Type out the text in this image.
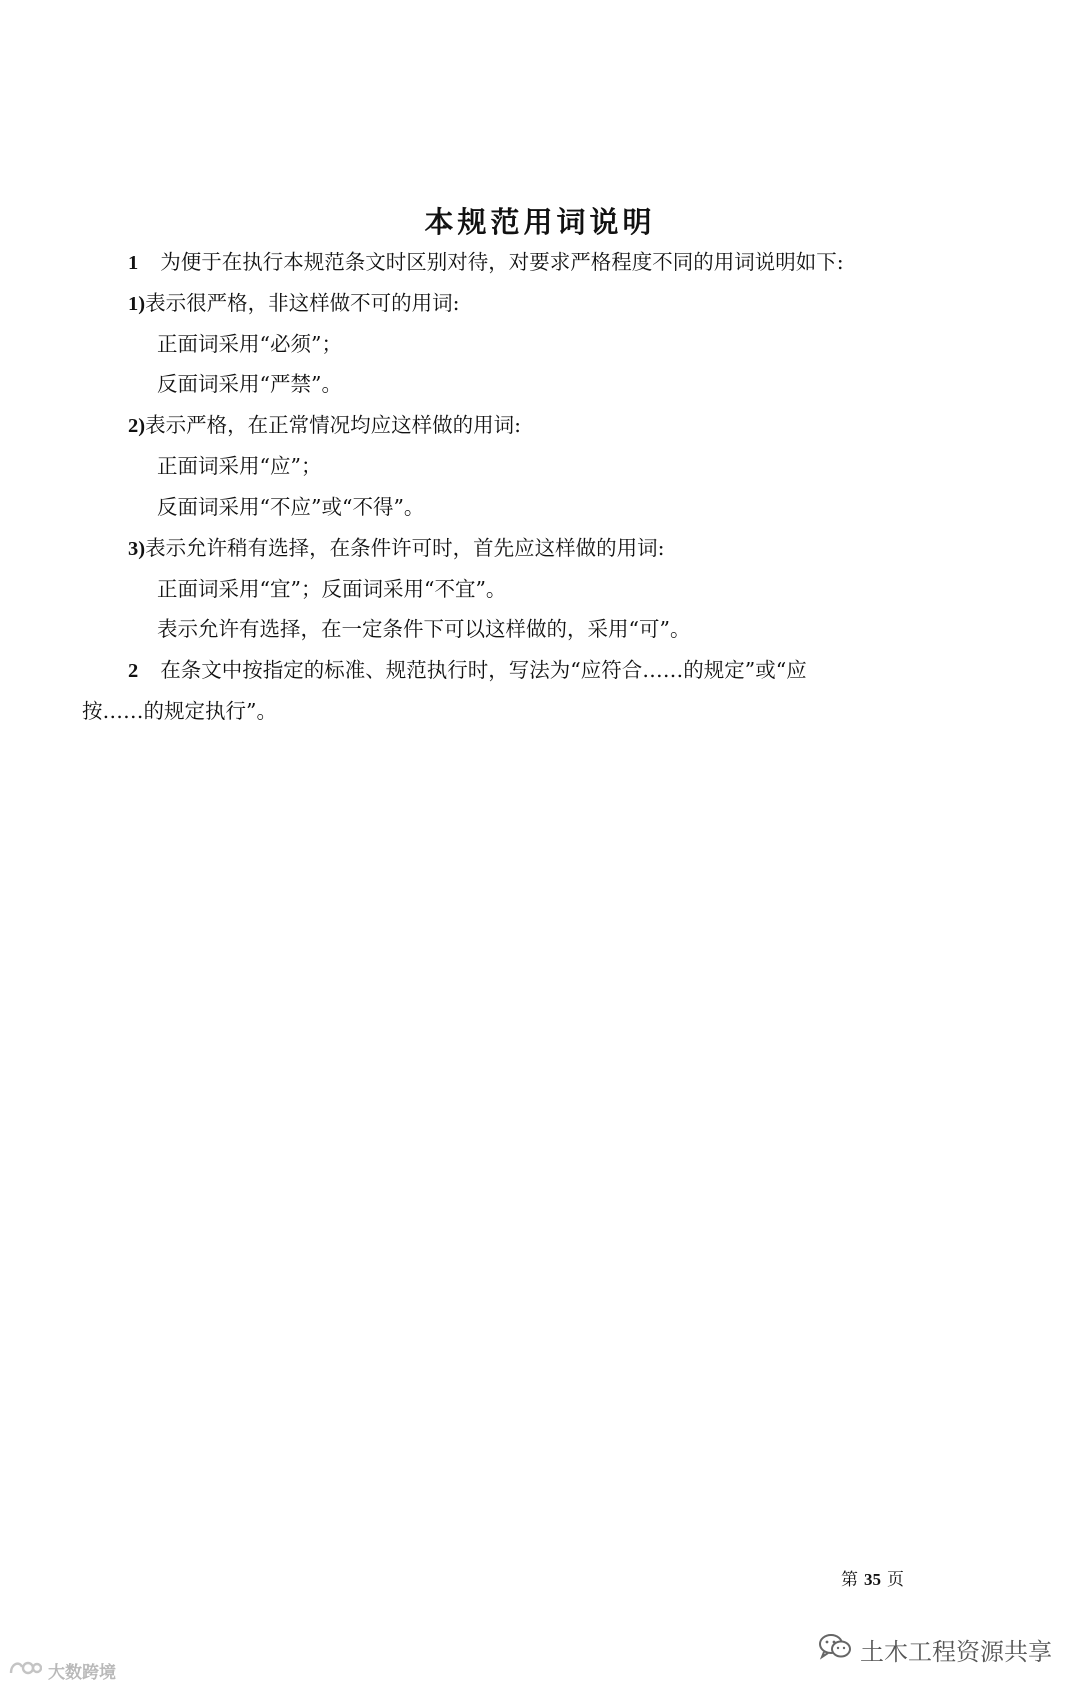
本规范用词说明
1 为便于在执行本规范条文时区别对待，对要求严格程度不同的用词说明如下:
1)表示很严格，非这样做不可的用词:
正面词采用“必须”；
反面词采用“严禁”。
2)表示严格，在正常情况均应这样做的用词:
正面词采用“应”；
反面词采用“不应”或“不得”。
3)表示允许稍有选择，在条件许可时，首先应这样做的用词:
正面词采用“宜”；反面词采用“不宜”。
表示允许有选择，在一定条件下可以这样做的，采用“可”。
2 在条文中按指定的标准、规范执行时，写法为“应符合……的规定”或“应
按……的规定执行”。
第 35 页
大数跨境
土木工程资源共享
